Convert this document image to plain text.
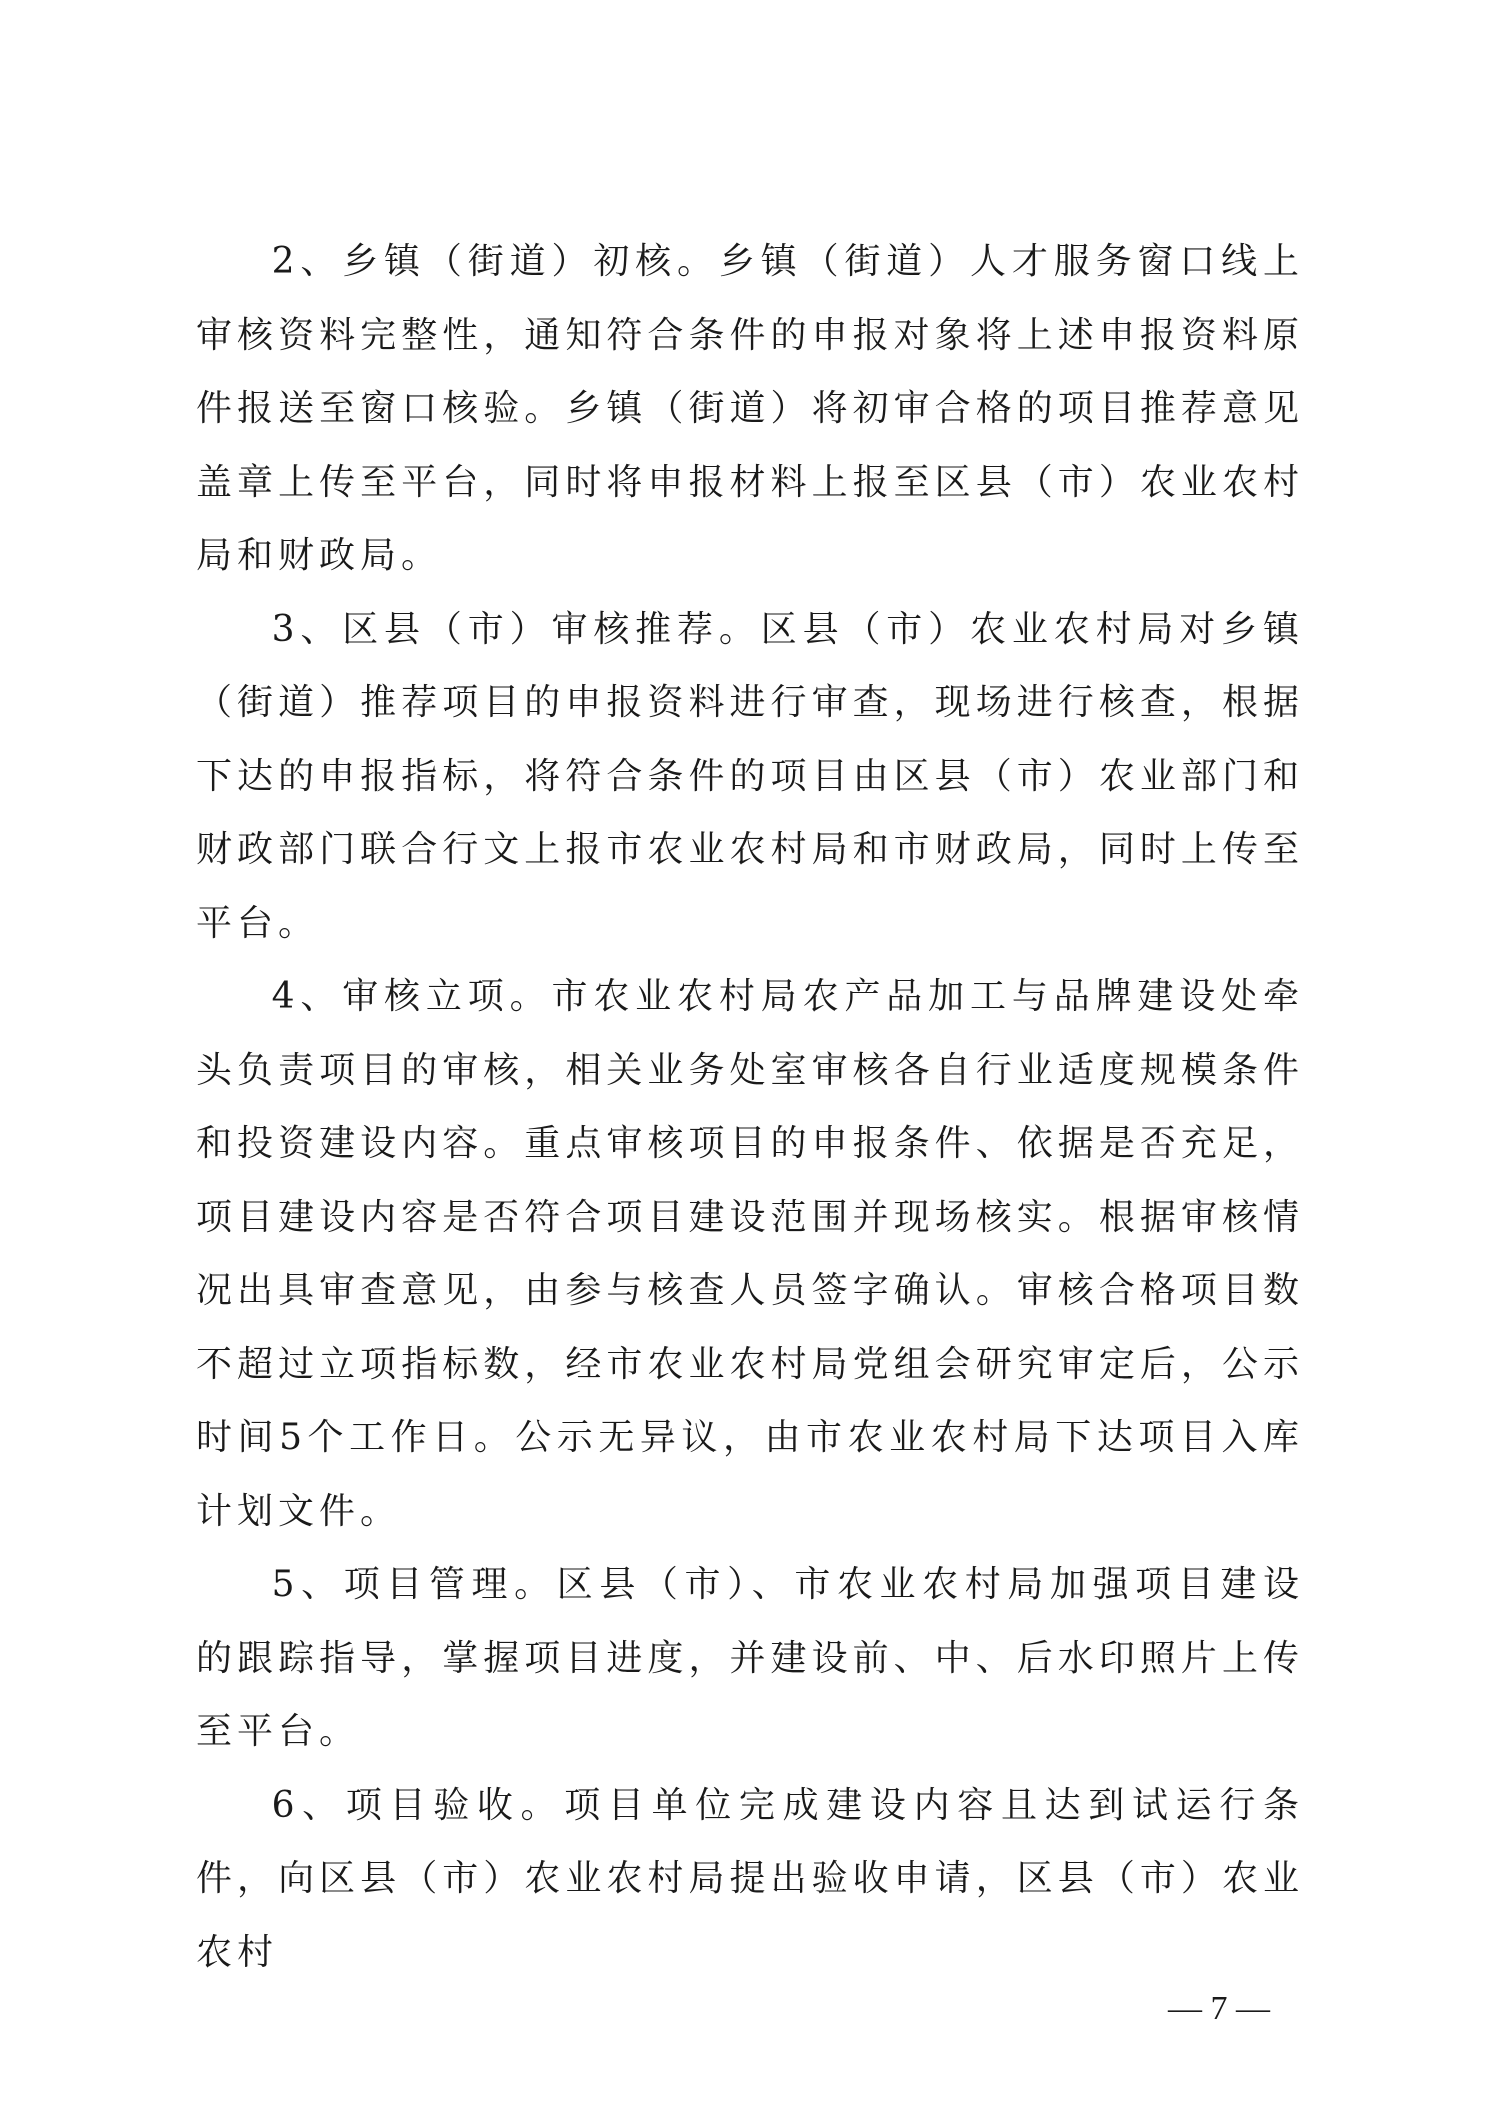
2、乡镇（街道）初核。乡镇（街道）人才服务窗口线上审核资料完整性，通知符合条件的申报对象将上述申报资料原件报送至窗口核验。乡镇（街道）将初审合格的项目推荐意见盖章上传至平台，同时将申报材料上报至区县（市）农业农村局和财政局。

3、区县（市）审核推荐。区县（市）农业农村局对乡镇（街道）推荐项目的申报资料进行审查，现场进行核查，根据下达的申报指标，将符合条件的项目由区县（市）农业部门和财政部门联合行文上报市农业农村局和市财政局，同时上传至平台。

4、审核立项。市农业农村局农产品加工与品牌建设处牵头负责项目的审核，相关业务处室审核各自行业适度规模条件和投资建设内容。重点审核项目的申报条件、依据是否充足，项目建设内容是否符合项目建设范围并现场核实。根据审核情况出具审查意见，由参与核查人员签字确认。审核合格项目数不超过立项指标数，经市农业农村局党组会研究审定后，公示时间5个工作日。公示无异议，由市农业农村局下达项目入库计划文件。

5、项目管理。区县（市）、市农业农村局加强项目建设的跟踪指导，掌握项目进度，并建设前、中、后水印照片上传至平台。

6、项目验收。项目单位完成建设内容且达到试运行条件，向区县（市）农业农村局提出验收申请，区县（市）农业农村

— 7 —
